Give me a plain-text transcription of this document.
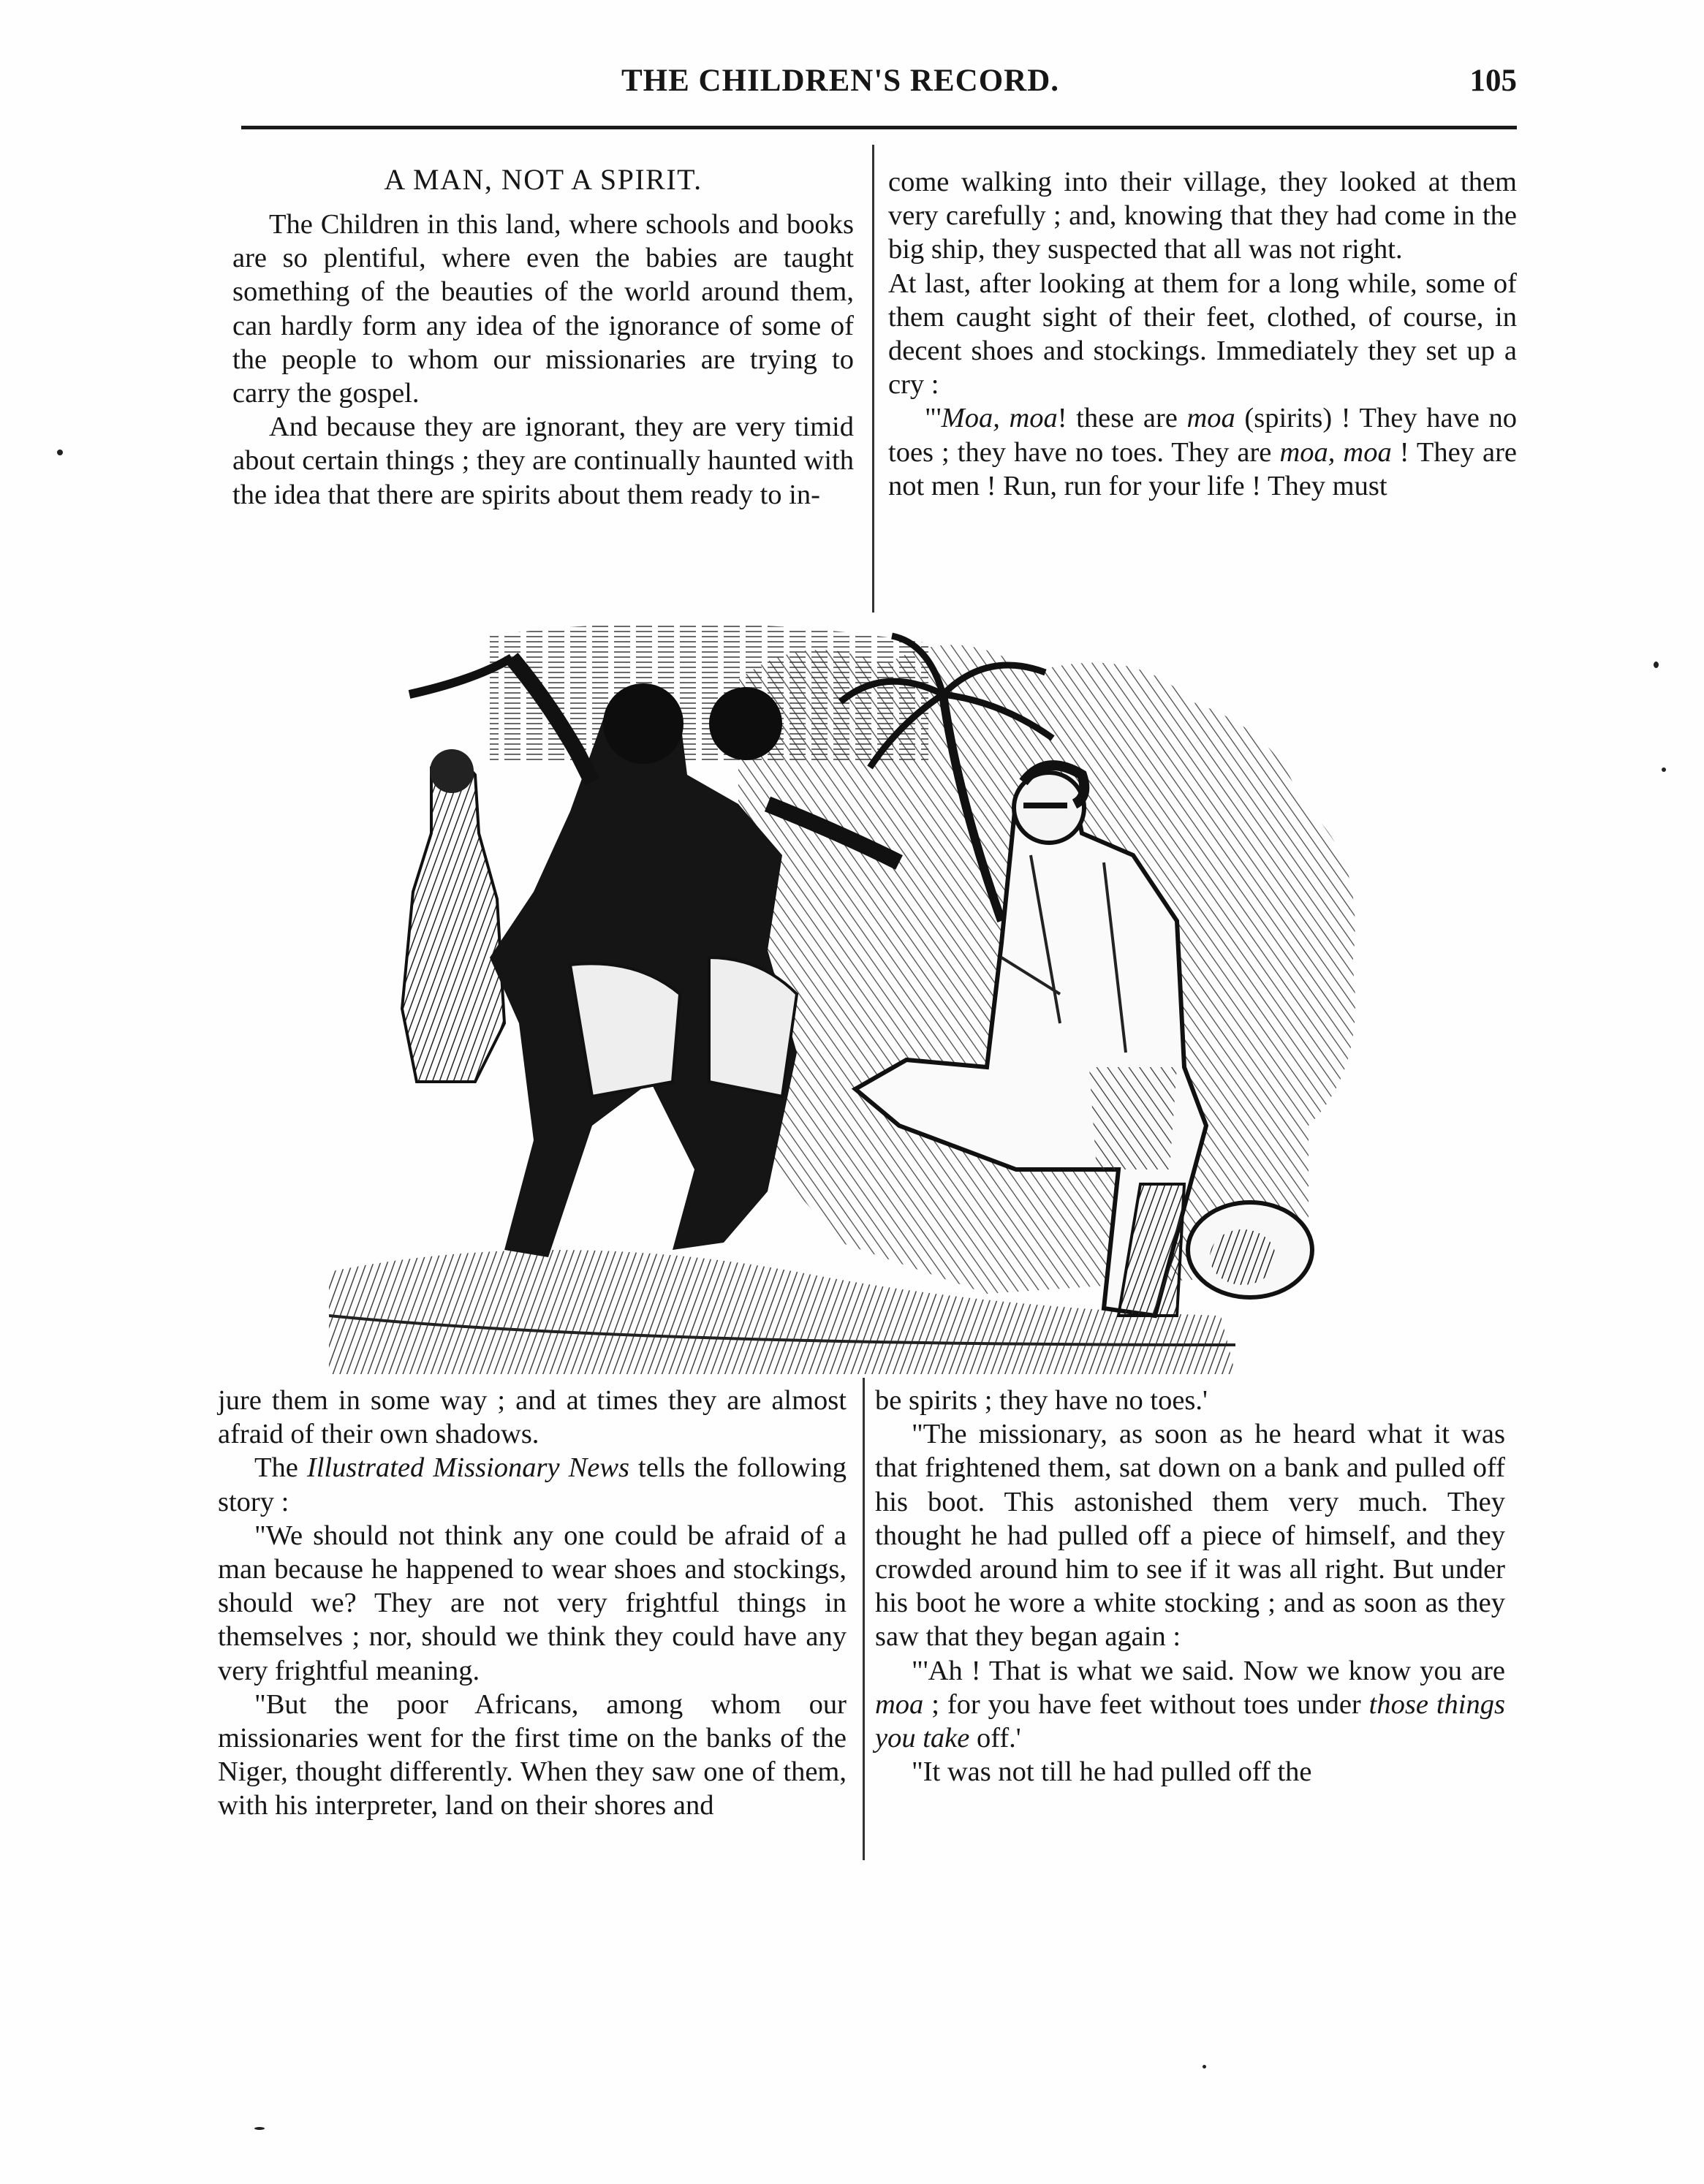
THE CHILDREN'S RECORD.	105
A MAN, NOT A SPIRIT.

The Children in this land, where schools and books are so plentiful, where even the babies are taught something of the beauties of the world around them, can hardly form any idea of the ignorance of some of the people to whom our missionaries are trying to carry the gospel.

And because they are ignorant, they are very timid about certain things ; they are continually haunted with the idea that there are spirits about them ready to in-

come walking into their village, they looked at them very carefully ; and, knowing that they had come in the big ship, they suspected that all was not right.

At last, after looking at them for a long while, some of them caught sight of their feet, clothed, of course, in decent shoes and stockings. Immediately they set up a cry :

"'Moa, moa! these are moa (spirits) ! They have no toes ; they have no toes. They are moa, moa ! They are not men ! Run, run for your life ! They must

jure them in some way ; and at times they are almost afraid of their own shadows.

The Illustrated Missionary News tells the following story :

"We should not think any one could be afraid of a man because he happened to wear shoes and stockings, should we? They are not very frightful things in themselves ; nor, should we think they could have any very frightful meaning.

"But the poor Africans, among whom our missionaries went for the first time on the banks of the Niger, thought differently. When they saw one of them, with his interpreter, land on their shores and

be spirits ; they have no toes.'

"The missionary, as soon as he heard what it was that frightened them, sat down on a bank and pulled off his boot. This astonished them very much. They thought he had pulled off a piece of himself, and they crowded around him to see if it was all right. But under his boot he wore a white stocking ; and as soon as they saw that they began again :

"'Ah ! That is what we said. Now we know you are moa ; for you have feet without toes under those things you take off.'

"It was not till he had pulled off the
